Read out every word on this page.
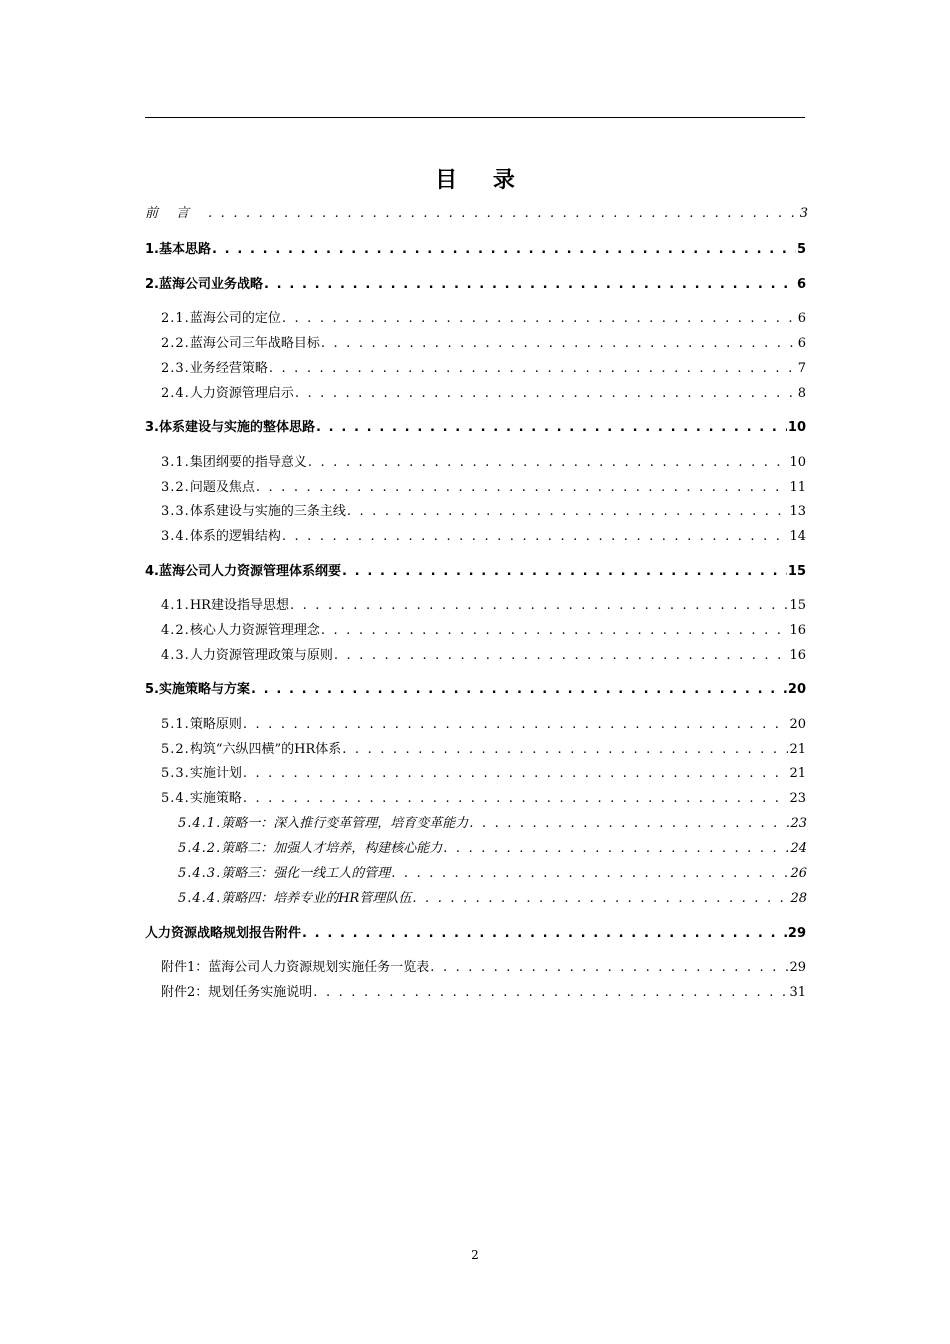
目 录
前言 . . .	3
1. 基本思路 . . .	5
2. 蓝海公司业务战略 . . .	6
2.1. 蓝海公司的定位 . . .	6
2.2. 蓝海公司三年战略目标 . . .	6
2.3. 业务经营策略 . . .	7
2.4. 人力资源管理启示 . . .	8
3. 体系建设与实施的整体思路 . . .	10
3.1. 集团纲要的指导意义 . . .	10
3.2. 问题及焦点 . . .	11
3.3. 体系建设与实施的三条主线 . . .	13
3.4. 体系的逻辑结构 . . .	14
4. 蓝海公司人力资源管理体系纲要 . . .	15
4.1. HR建设指导思想 . . .	15
4.2. 核心人力资源管理理念 . . .	16
4.3. 人力资源管理政策与原则 . . .	16
5. 实施策略与方案 . . .	20
5.1. 策略原则 . . .	20
5.2. 构筑“六纵四横”的HR体系 . . .	21
5.3. 实施计划 . . .	21
5.4. 实施策略 . . .	23
5.4.1. 策略一：深入推行变革管理，培育变革能力 . . .	23
5.4.2. 策略二：加强人才培养，构建核心能力 . . .	24
5.4.3. 策略三：强化一线工人的管理 . . .	26
5.4.4. 策略四：培养专业的HR管理队伍 . . .	28
人力资源战略规划报告附件 . . .	29
附件1：蓝海公司人力资源规划实施任务一览表 . . .	29
附件2：规划任务实施说明 . . .	31
2
